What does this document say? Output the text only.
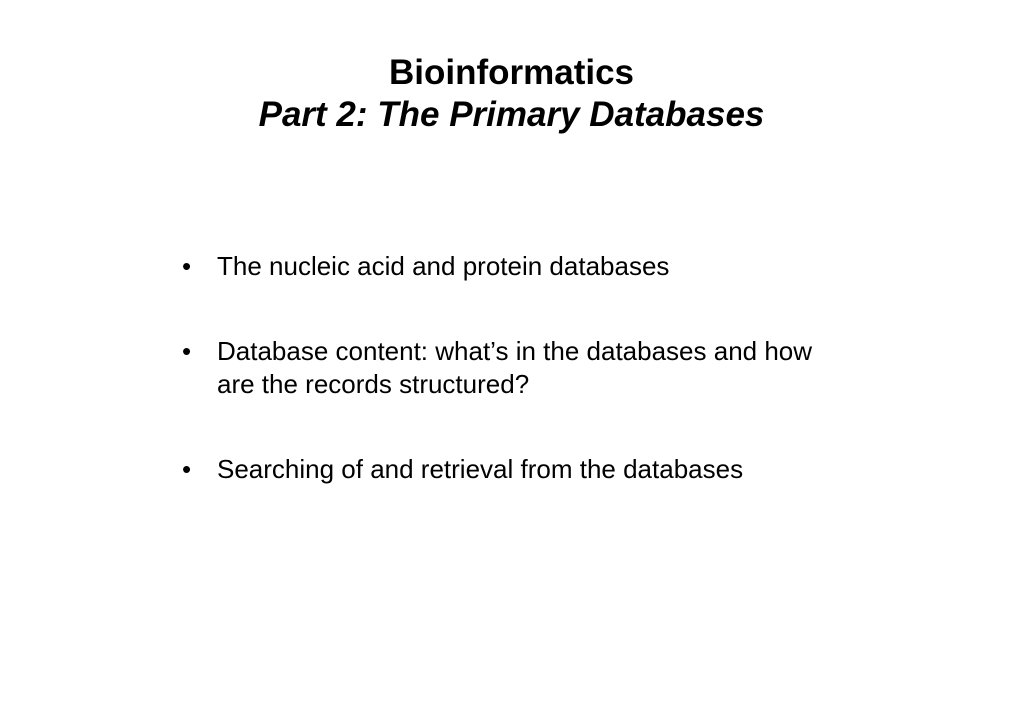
Bioinformatics
Part 2: The Primary Databases
• The nucleic acid and protein databases
• Database content: what’s in the databases and how are the records structured?
• Searching of and retrieval from the databases
